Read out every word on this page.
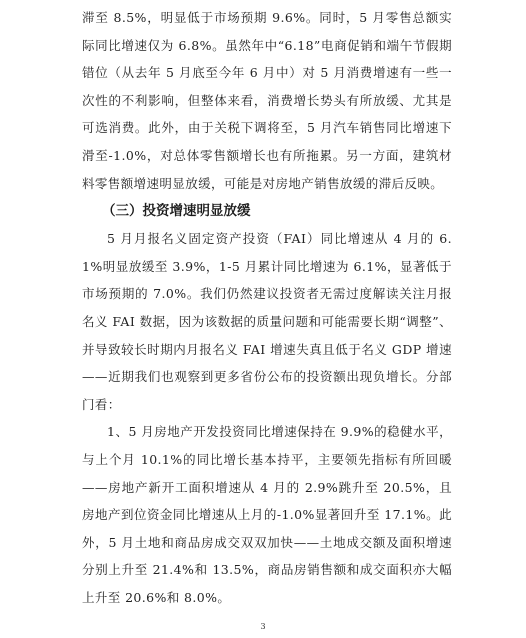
滞至 8.5%，明显低于市场预期 9.6%。同时，5 月零售总额实际同比增速仅为 6.8%。虽然年中“6.18”电商促销和端午节假期错位（从去年 5 月底至今年 6 月中）对 5 月消费增速有一些一次性的不利影响，但整体来看，消费增长势头有所放缓、尤其是可选消费。此外，由于关税下调将至，5 月汽车销售同比增速下滑至-1.0%，对总体零售额增长也有所拖累。另一方面，建筑材料零售额增速明显放缓，可能是对房地产销售放缓的滞后反映。

（三）投资增速明显放缓

5 月月报名义固定资产投资（FAI）同比增速从 4 月的 6.1%明显放缓至 3.9%，1-5 月累计同比增速为 6.1%，显著低于市场预期的 7.0%。我们仍然建议投资者无需过度解读关注月报名义 FAI 数据，因为该数据的质量问题和可能需要长期“调整”、并导致较长时期内月报名义 FAI 增速失真且低于名义 GDP 增速——近期我们也观察到更多省份公布的投资额出现负增长。分部门看：

1、5 月房地产开发投资同比增速保持在 9.9%的稳健水平，与上个月 10.1%的同比增长基本持平，主要领先指标有所回暖——房地产新开工面积增速从 4 月的 2.9%跳升至 20.5%，且房地产到位资金同比增速从上月的-1.0%显著回升至 17.1%。此外，5 月土地和商品房成交双双加快——土地成交额及面积增速分别上升至 21.4%和 13.5%，商品房销售额和成交面积亦大幅上升至 20.6%和 8.0%。

3
